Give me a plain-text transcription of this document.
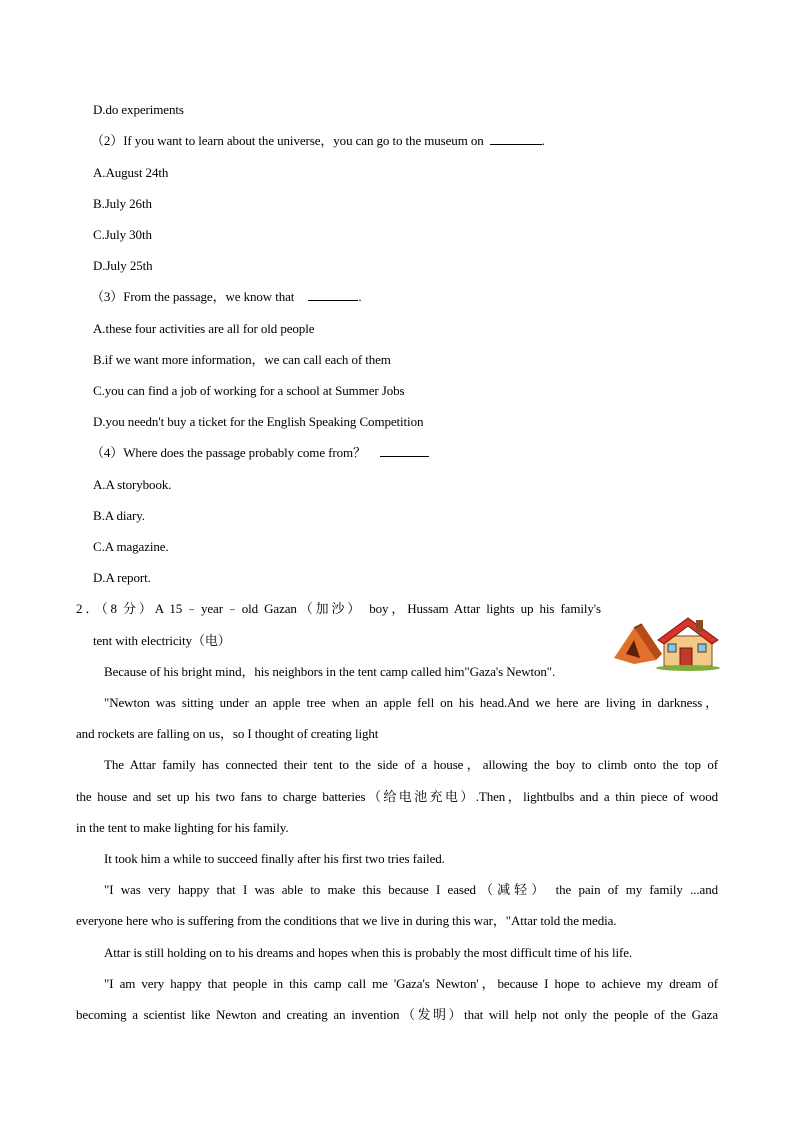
D.do experiments
（2）If you want to learn about the universe，you can go to the museum on	.
A.August 24th
B.July 26th
C.July 30th
D.July 25th
（3）From the passage，we know that	.
A.these four activities are all for old people
B.if we want more information，we can call each of them
C.you can find a job of working for a school at Summer Jobs
D.you needn't buy a ticket for the English Speaking Competition
（4）Where does the passage probably come from？
A.A storybook.
B.A diary.
C.A magazine.
D.A report.
2．（8 分）A 15﹣year﹣old Gazan（加沙） boy，Hussam Attar lights up his family's
tent with electricity（电）
Because of his bright mind，his neighbors in the tent camp called him"Gaza's Newton".
"Newton was sitting under an apple tree when an apple fell on his head.And we here are living in darkness，
and rockets are falling on us，so I thought of creating light
The Attar family has connected their tent to the side of a house，allowing the boy to climb onto the top of
the house and set up his two fans to charge batteries（给电池充电）.Then，lightbulbs and a thin piece of wood
in the tent to make lighting for his family.
It took him a while to succeed finally after his first two tries failed.
"I was very happy that I was able to make this because I eased（减轻） the pain of my family ...and
everyone here who is suffering from the conditions that we live in during this war，"Attar told the media.
Attar is still holding on to his dreams and hopes when this is probably the most difficult time of his life.
"I am very happy that people in this camp call me 'Gaza's Newton'，because I hope to achieve my dream of
becoming a scientist like Newton and creating an invention（发明）that will help not only the people of the Gaza
